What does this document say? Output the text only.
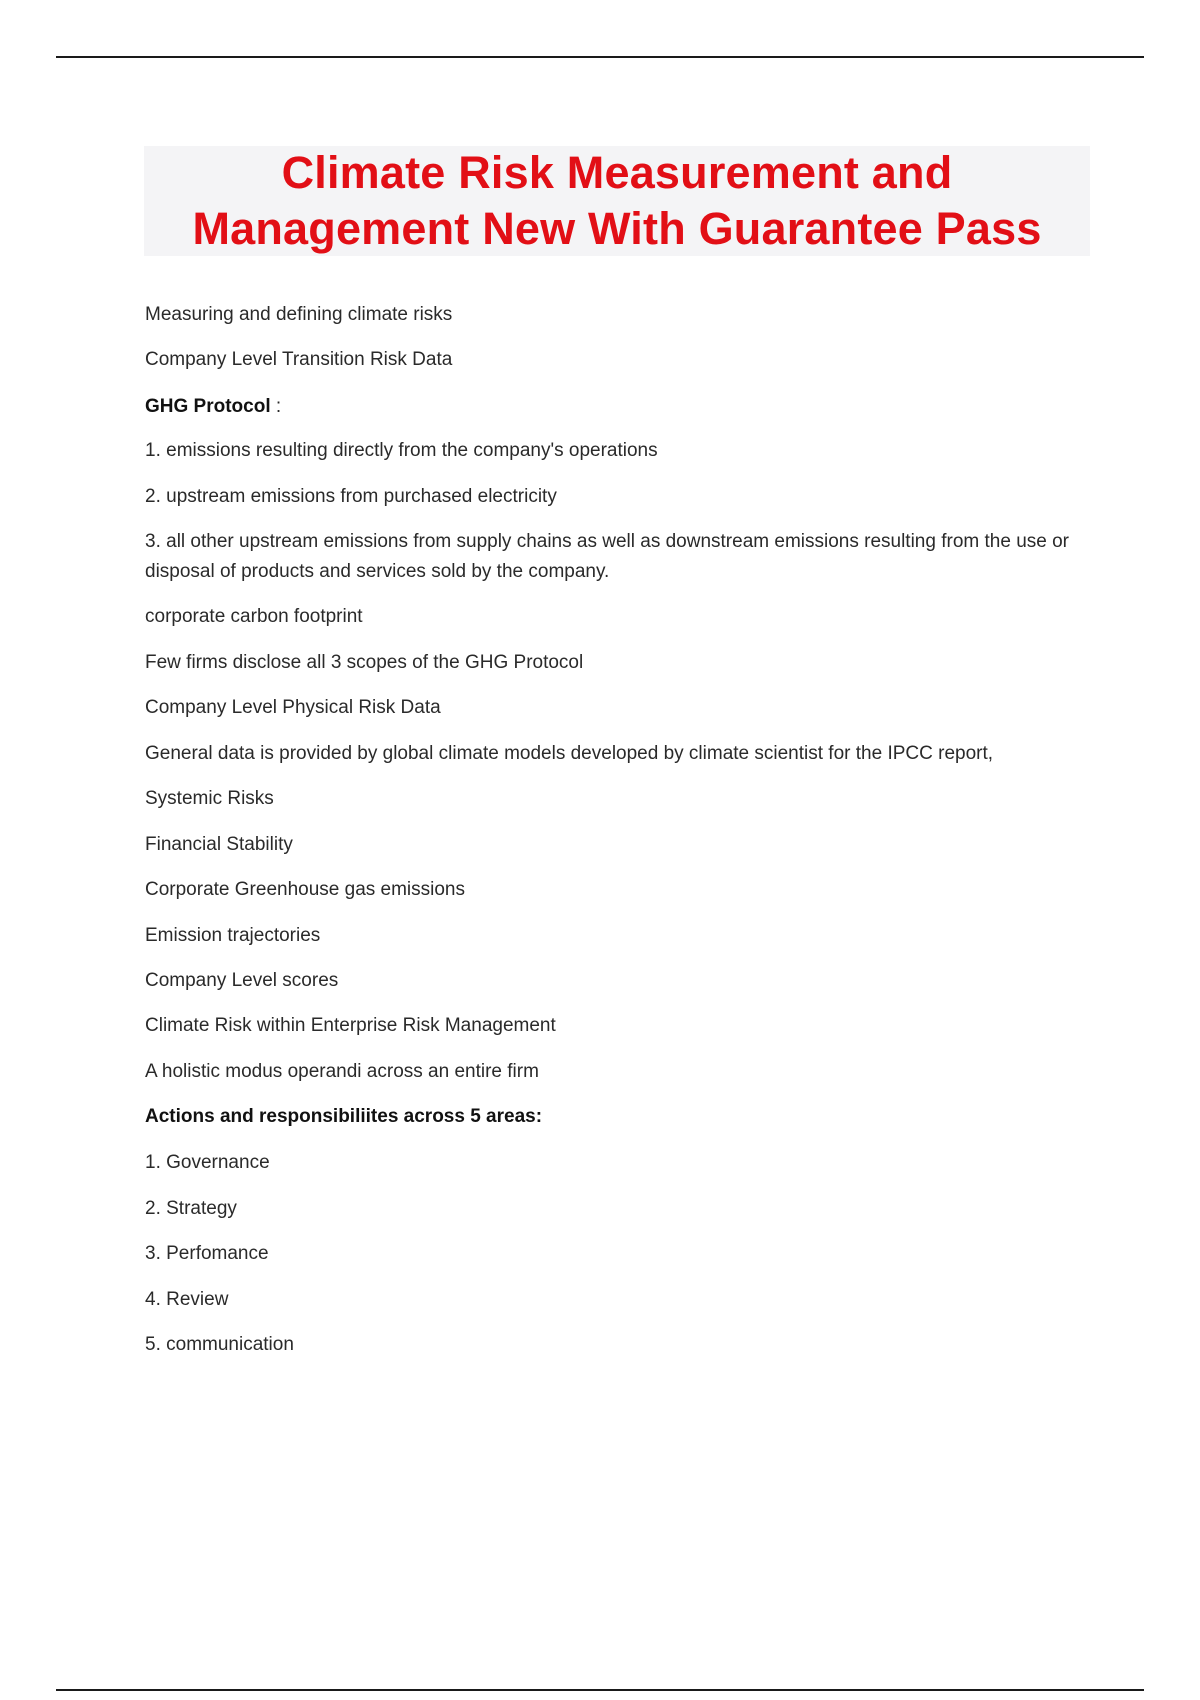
Climate Risk Measurement and
Management New With Guarantee Pass
Measuring and defining climate risks
Company Level Transition Risk Data
GHG Protocol :
1. emissions resulting directly from the company's operations
2. upstream emissions from purchased electricity
3. all other upstream emissions from supply chains as well as downstream emissions resulting from the use or disposal of products and services sold by the company.
corporate carbon footprint
Few firms disclose all 3 scopes of the GHG Protocol
Company Level Physical Risk Data
General data is provided by global climate models developed by climate scientist for the IPCC report,
Systemic Risks
Financial Stability
Corporate Greenhouse gas emissions
Emission trajectories
Company Level scores
Climate Risk within Enterprise Risk Management
A holistic modus operandi across an entire firm
Actions and responsibiliites across 5 areas:
1. Governance
2. Strategy
3. Perfomance
4. Review
5. communication
